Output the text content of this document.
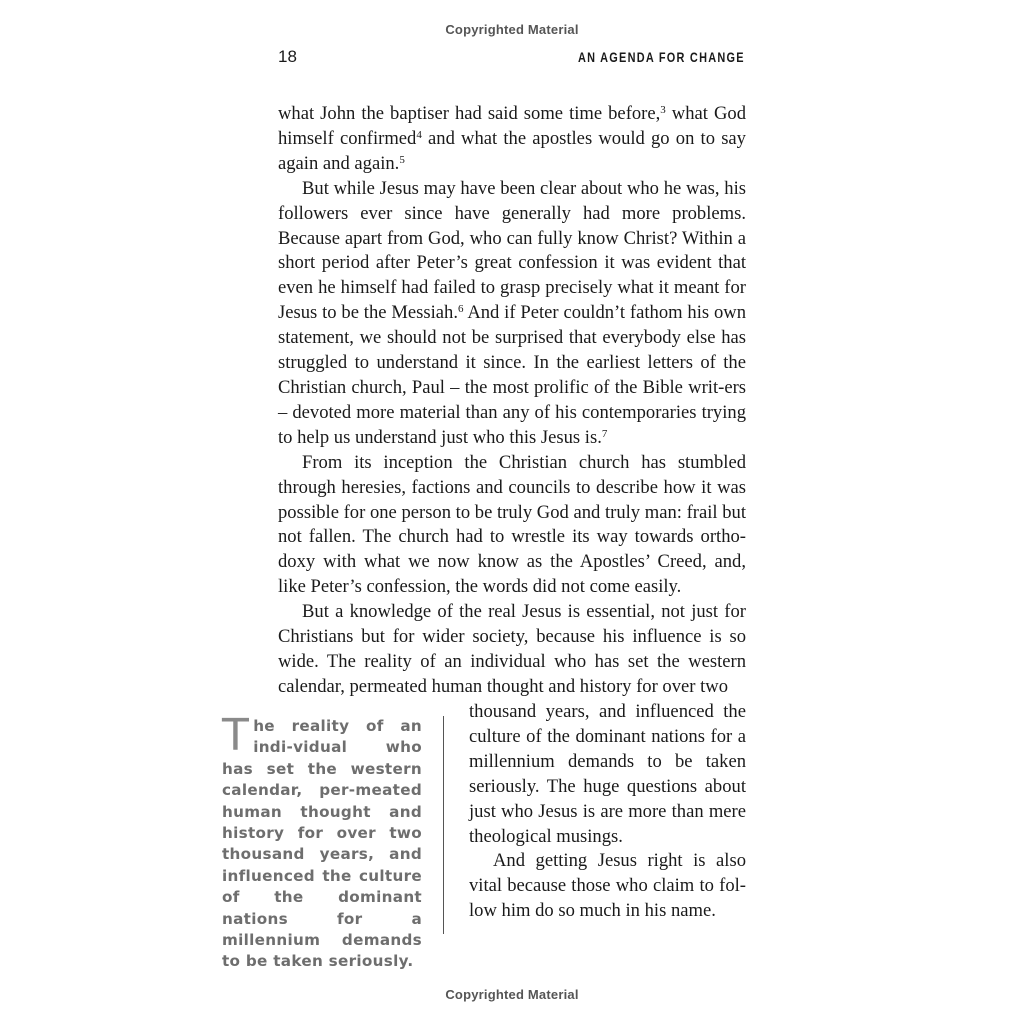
Copyrighted Material
18	AN AGENDA FOR CHANGE

what John the baptiser had said some time before,$^3$ what God himself confirmed$^4$ and what the apostles would go on to say again and again.$^5$

But while Jesus may have been clear about who he was, his followers ever since have generally had more problems. Because apart from God, who can fully know Christ? Within a short period after Peter’s great confession it was evident that even he himself had failed to grasp precisely what it meant for Jesus to be the Messiah.$^6$ And if Peter couldn’t fathom his own statement, we should not be surprised that everybody else has struggled to understand it since. In the earliest letters of the Christian church, Paul – the most prolific of the Bible writ-ers – devoted more material than any of his contemporaries trying to help us understand just who this Jesus is.$^7$

From its inception the Christian church has stumbled through heresies, factions and councils to describe how it was possible for one person to be truly God and truly man: frail but not fallen. The church had to wrestle its way towards ortho-doxy with what we now know as the Apostles’ Creed, and, like Peter’s confession, the words did not come easily.

But a knowledge of the real Jesus is essential, not just for Christians but for wider society, because his influence is so wide. The reality of an individual who has set the western calendar, permeated human thought and history for over two

thousand years, and influenced the culture of the dominant nations for a millennium demands to be taken seriously. The huge questions about just who Jesus is are more than mere theological musings.

And getting Jesus right is also vital because those who claim to fol-low him do so much in his name.

The reality of an indi-vidual who has set the western calendar, per-meated human thought and history for over two thousand years, and influenced the culture of the dominant nations for a millennium demands to be taken seriously.
Copyrighted Material
